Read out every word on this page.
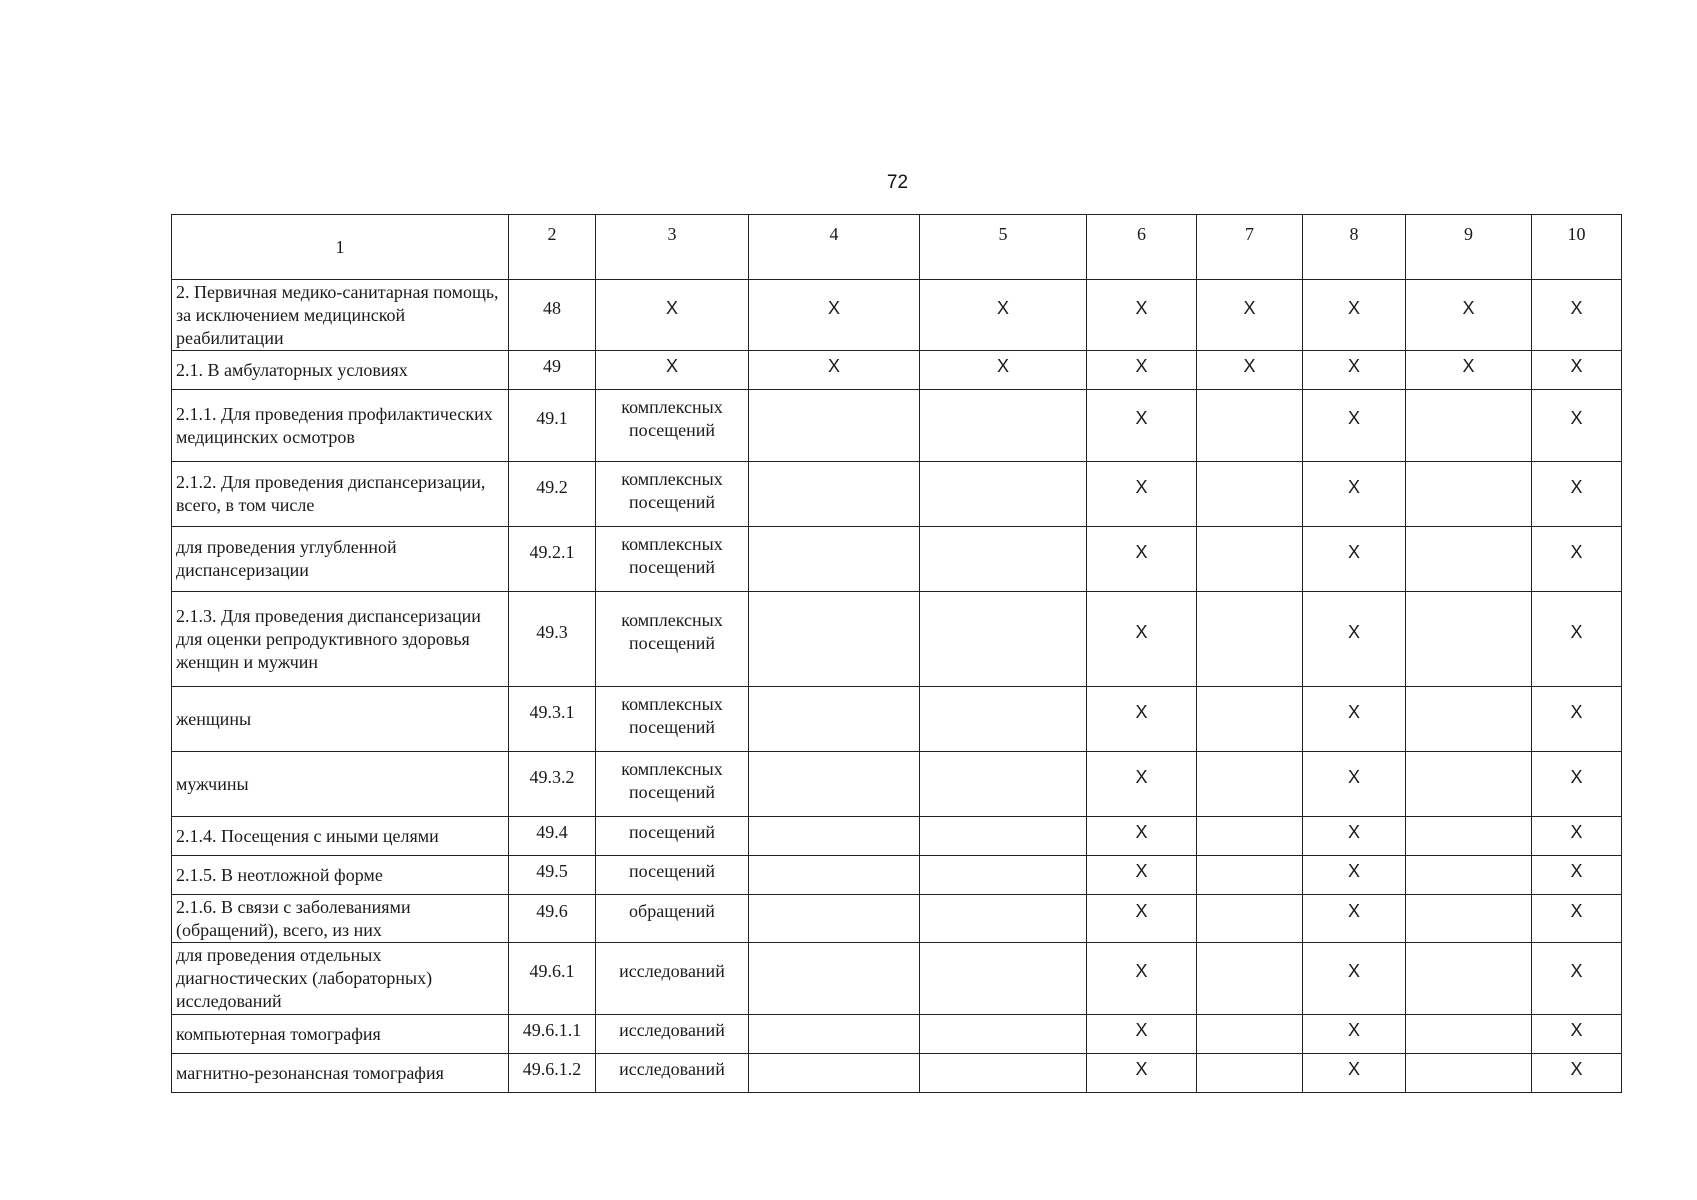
72
1	2	3	4	5	6	7	8	9	10
2. Первичная медико-санитарная помощь, за исключением медицинской реабилитации	48	X	X	X	X	X	X	X	X
2.1. В амбулаторных условиях	49	X	X	X	X	X	X	X	X
2.1.1. Для проведения профилактических медицинских осмотров	49.1	комплексных посещений			X		X		X
2.1.2. Для проведения диспансеризации, всего, в том числе	49.2	комплексных посещений			X		X		X
для проведения углубленной диспансеризации	49.2.1	комплексных посещений			X		X		X
2.1.3. Для проведения диспансеризации для оценки репродуктивного здоровья женщин и мужчин	49.3	комплексных посещений			X		X		X
женщины	49.3.1	комплексных посещений			X		X		X
мужчины	49.3.2	комплексных посещений			X		X		X
2.1.4. Посещения с иными целями	49.4	посещений			X		X		X
2.1.5. В неотложной форме	49.5	посещений			X		X		X
2.1.6. В связи с заболеваниями (обращений), всего, из них	49.6	обращений			X		X		X
для проведения отдельных диагностических (лабораторных) исследований	49.6.1	исследований			X		X		X
компьютерная томография	49.6.1.1	исследований			X		X		X
магнитно-резонансная томография	49.6.1.2	исследований			X		X		X
